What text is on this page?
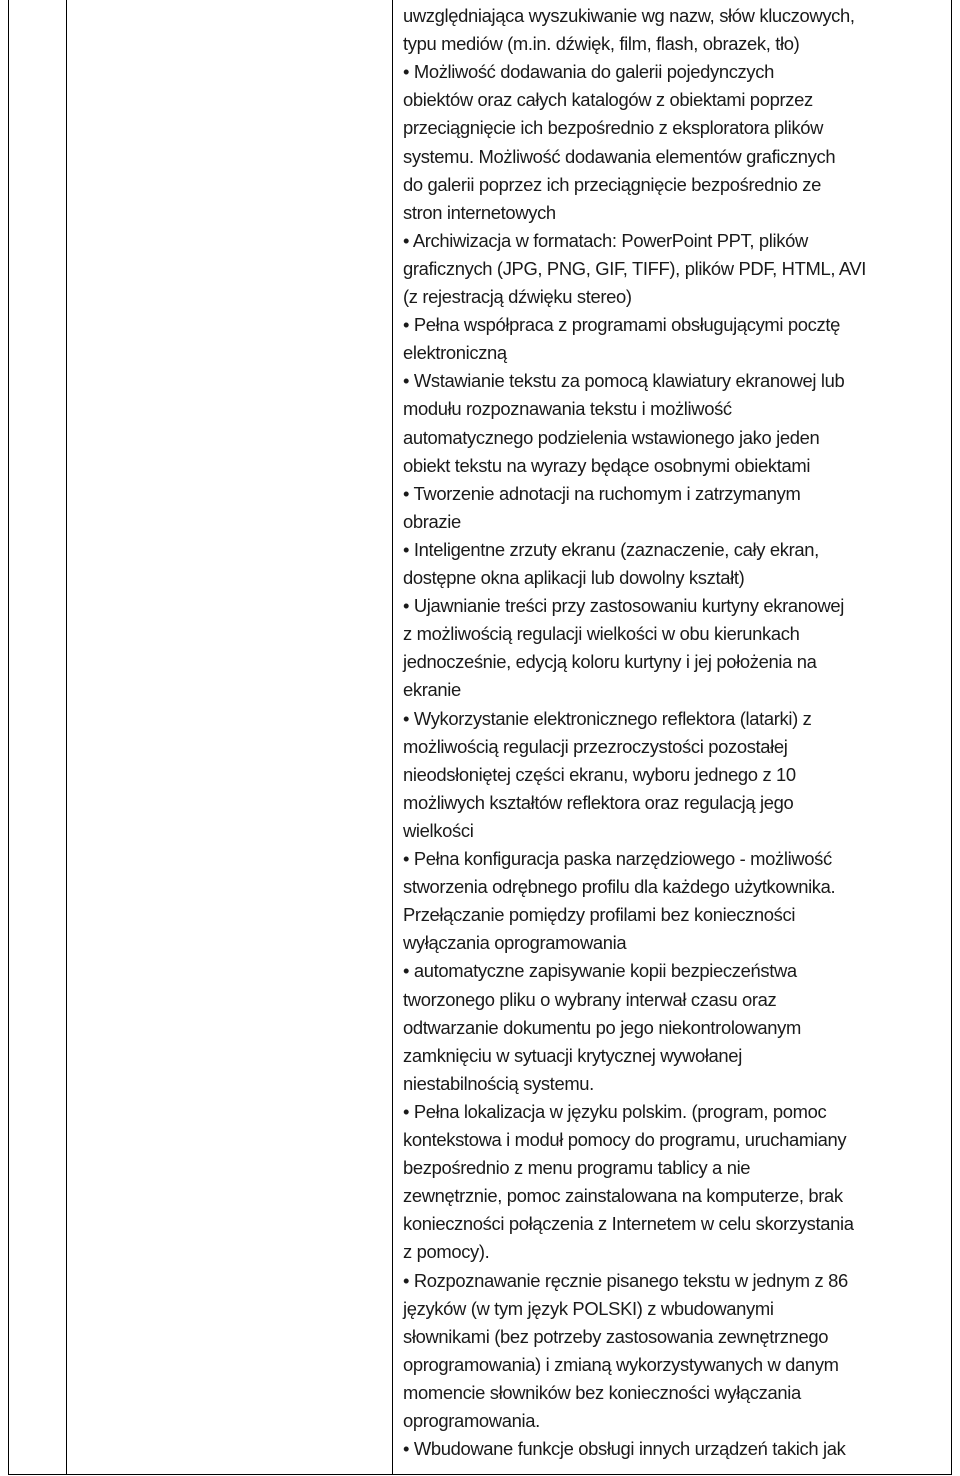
uwzględniająca wyszukiwanie wg nazw, słów kluczowych,
typu mediów (m.in. dźwięk, film, flash, obrazek, tło)
• Możliwość dodawania do galerii pojedynczych
obiektów oraz całych katalogów z obiektami poprzez
przeciągnięcie ich bezpośrednio z eksploratora plików
systemu. Możliwość dodawania elementów graficznych
do galerii poprzez ich przeciągnięcie bezpośrednio ze
stron internetowych
• Archiwizacja w formatach: PowerPoint PPT, plików
graficznych (JPG, PNG, GIF, TIFF), plików PDF, HTML, AVI
(z rejestracją dźwięku stereo)
• Pełna współpraca z programami obsługującymi pocztę
elektroniczną
• Wstawianie tekstu za pomocą klawiatury ekranowej lub
modułu rozpoznawania tekstu i możliwość
automatycznego podzielenia wstawionego jako jeden
obiekt tekstu na wyrazy będące osobnymi obiektami
• Tworzenie adnotacji na ruchomym i zatrzymanym
obrazie
• Inteligentne zrzuty ekranu (zaznaczenie, cały ekran,
dostępne okna aplikacji lub dowolny kształt)
• Ujawnianie treści przy zastosowaniu kurtyny ekranowej
z możliwością regulacji wielkości w obu kierunkach
jednocześnie, edycją koloru kurtyny i jej położenia na
ekranie
• Wykorzystanie elektronicznego reflektora (latarki) z
możliwością regulacji przezroczystości pozostałej
nieodsłoniętej części ekranu, wyboru jednego z 10
możliwych kształtów reflektora oraz regulacją jego
wielkości
• Pełna konfiguracja paska narzędziowego - możliwość
stworzenia odrębnego profilu dla każdego użytkownika.
Przełączanie pomiędzy profilami bez konieczności
wyłączania oprogramowania
• automatyczne zapisywanie kopii bezpieczeństwa
tworzonego pliku o wybrany interwał czasu oraz
odtwarzanie dokumentu po jego niekontrolowanym
zamknięciu w sytuacji krytycznej wywołanej
niestabilnością systemu.
• Pełna lokalizacja w języku polskim. (program, pomoc
kontekstowa i moduł pomocy do programu, uruchamiany
bezpośrednio z menu programu tablicy a nie
zewnętrznie, pomoc zainstalowana na komputerze, brak
konieczności połączenia z Internetem w celu skorzystania
z pomocy).
• Rozpoznawanie ręcznie pisanego tekstu w jednym z 86
języków (w tym język POLSKI) z wbudowanymi
słownikami (bez potrzeby zastosowania zewnętrznego
oprogramowania) i zmianą wykorzystywanych w danym
momencie słowników bez konieczności wyłączania
oprogramowania.
• Wbudowane funkcje obsługi innych urządzeń takich jak
